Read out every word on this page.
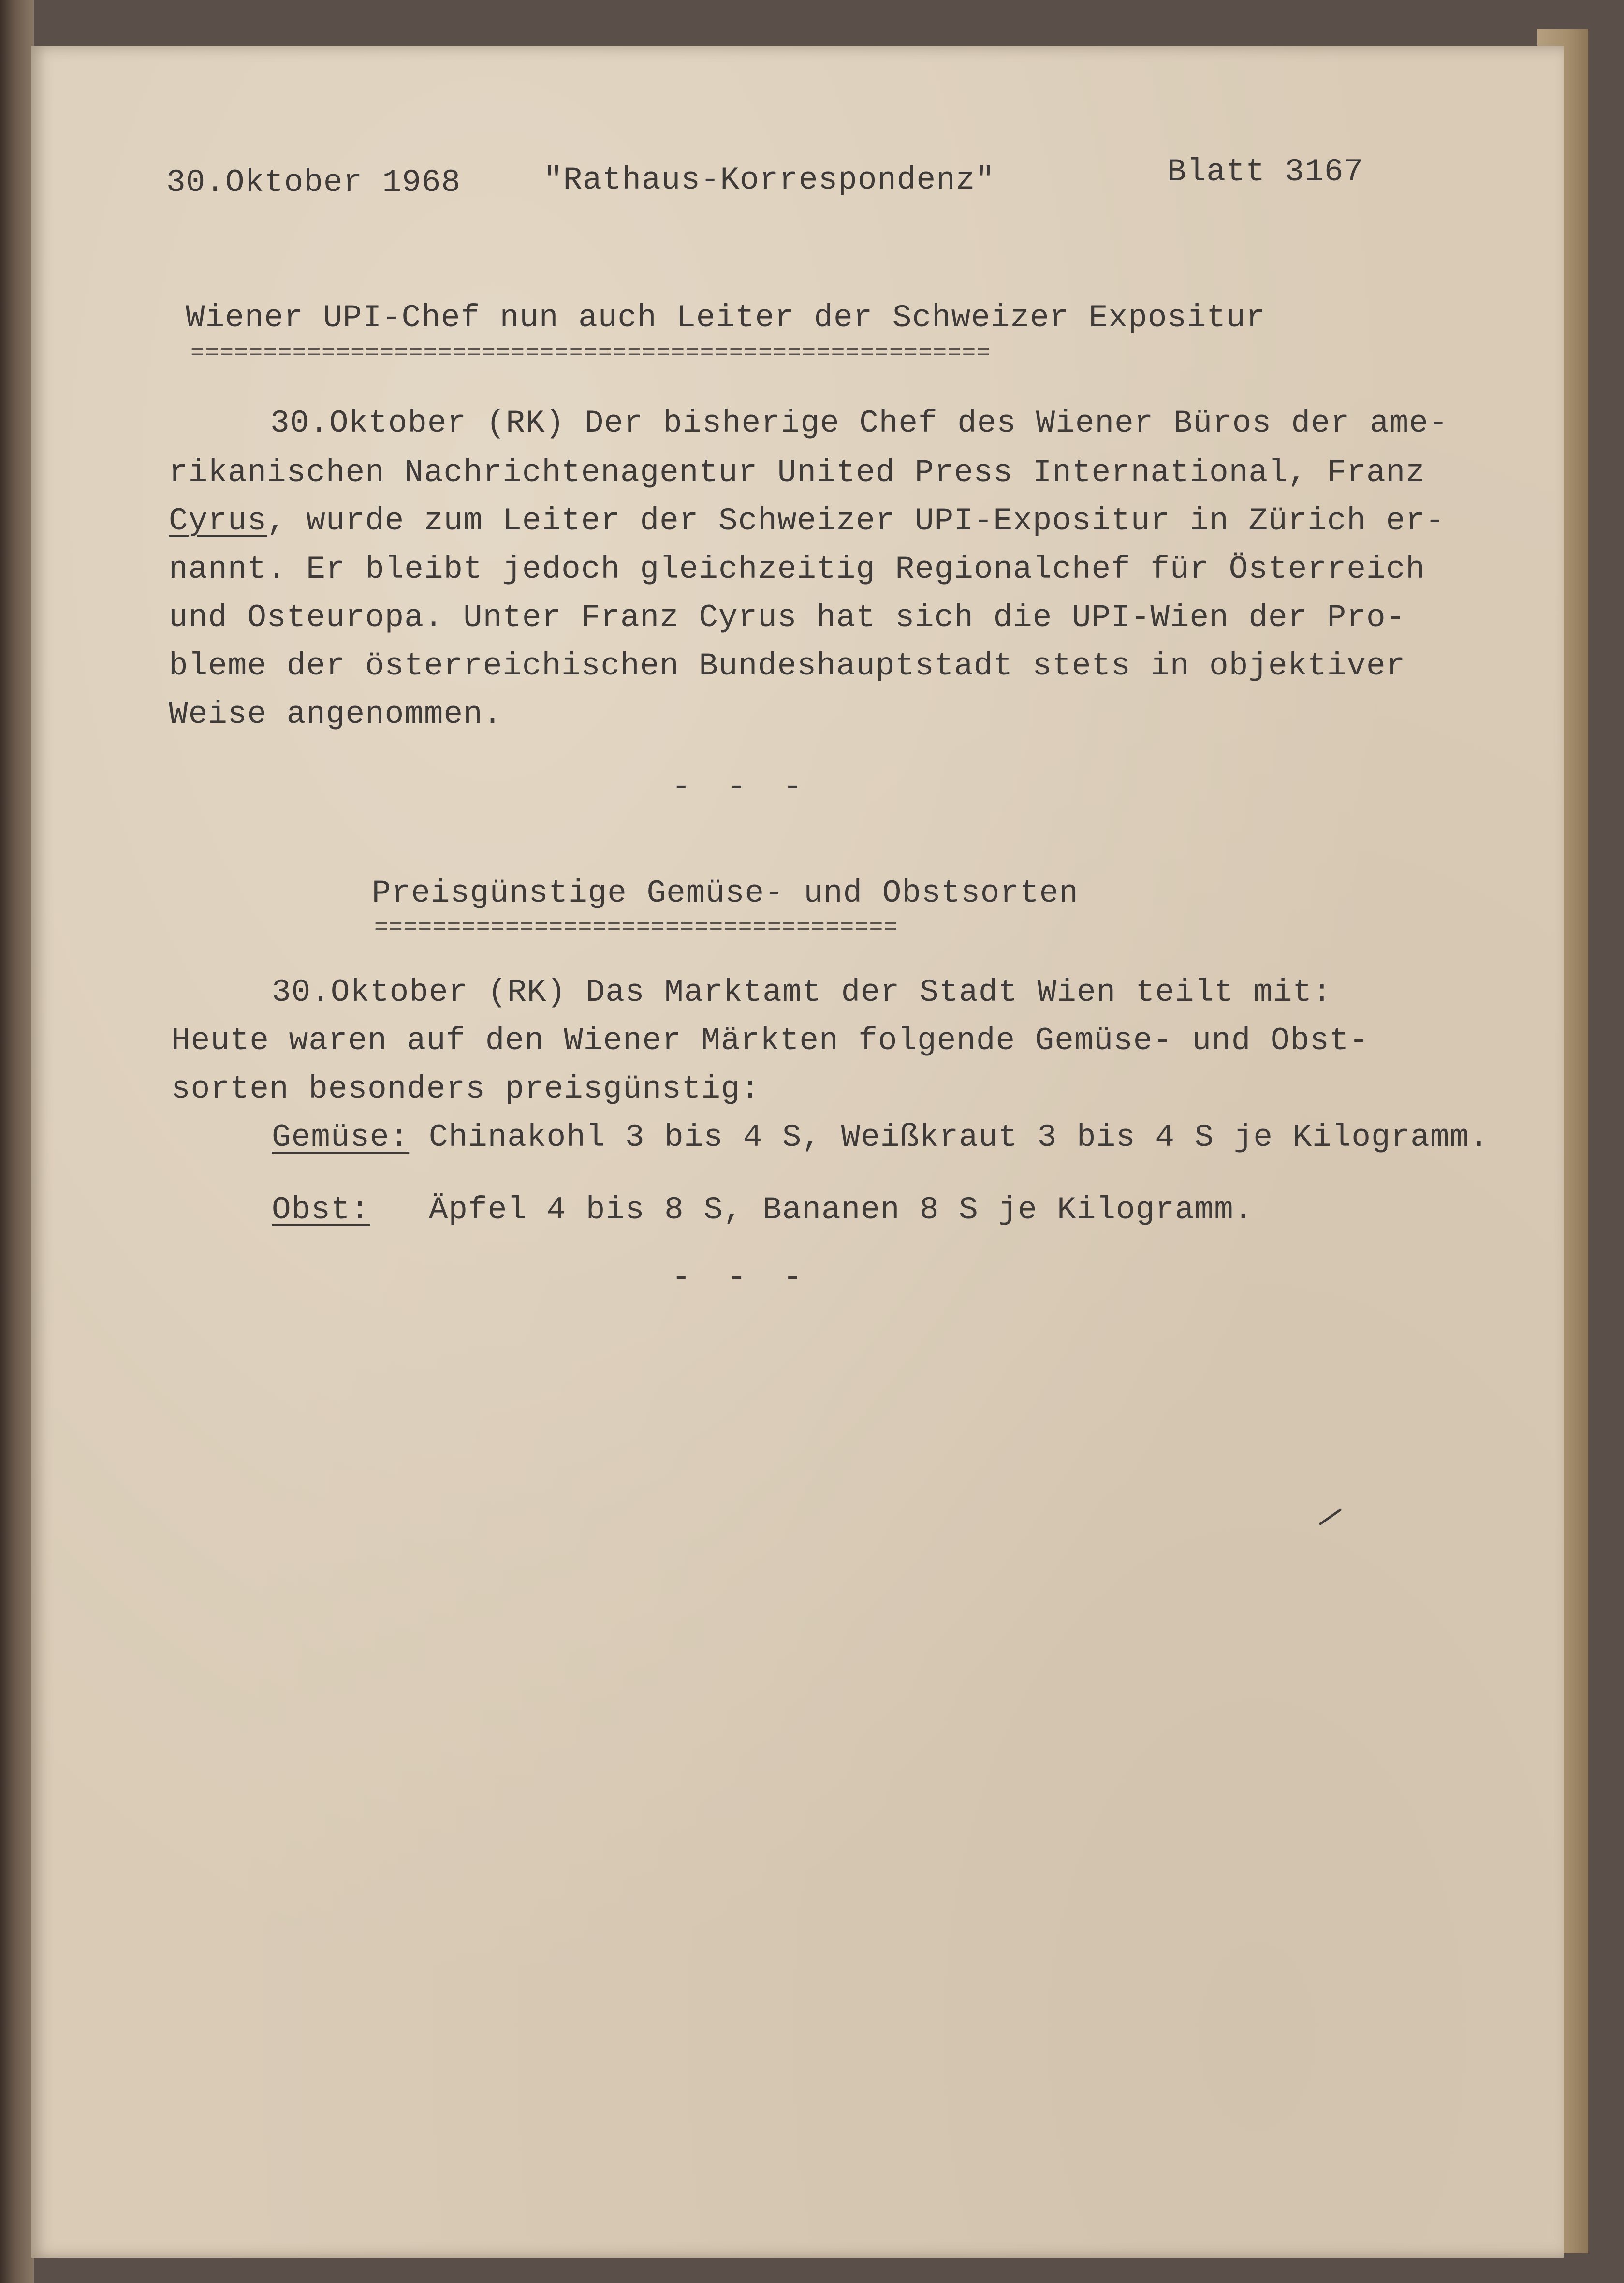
30.Oktober 1968	"Rathaus-Korrespondenz"	Blatt 3167
Wiener UPI-Chef nun auch Leiter der Schweizer Expositur
=======================================================
30.Oktober (RK) Der bisherige Chef des Wiener Büros der ame-
rikanischen Nachrichtenagentur United Press International, Franz
Cyrus, wurde zum Leiter der Schweizer UPI-Expositur in Zürich er-
nannt. Er bleibt jedoch gleichzeitig Regionalchef für Österreich
und Osteuropa. Unter Franz Cyrus hat sich die UPI-Wien der Pro-
bleme der österreichischen Bundeshauptstadt stets in objektiver
Weise angenommen.
- - -
Preisgünstige Gemüse- und Obstsorten
====================================
30.Oktober (RK) Das Marktamt der Stadt Wien teilt mit:
Heute waren auf den Wiener Märkten folgende Gemüse- und Obst-
sorten besonders preisgünstig:
Gemüse: Chinakohl 3 bis 4 S, Weißkraut 3 bis 4 S je Kilogramm.
Obst: Äpfel 4 bis 8 S, Bananen 8 S je Kilogramm.
- - -
